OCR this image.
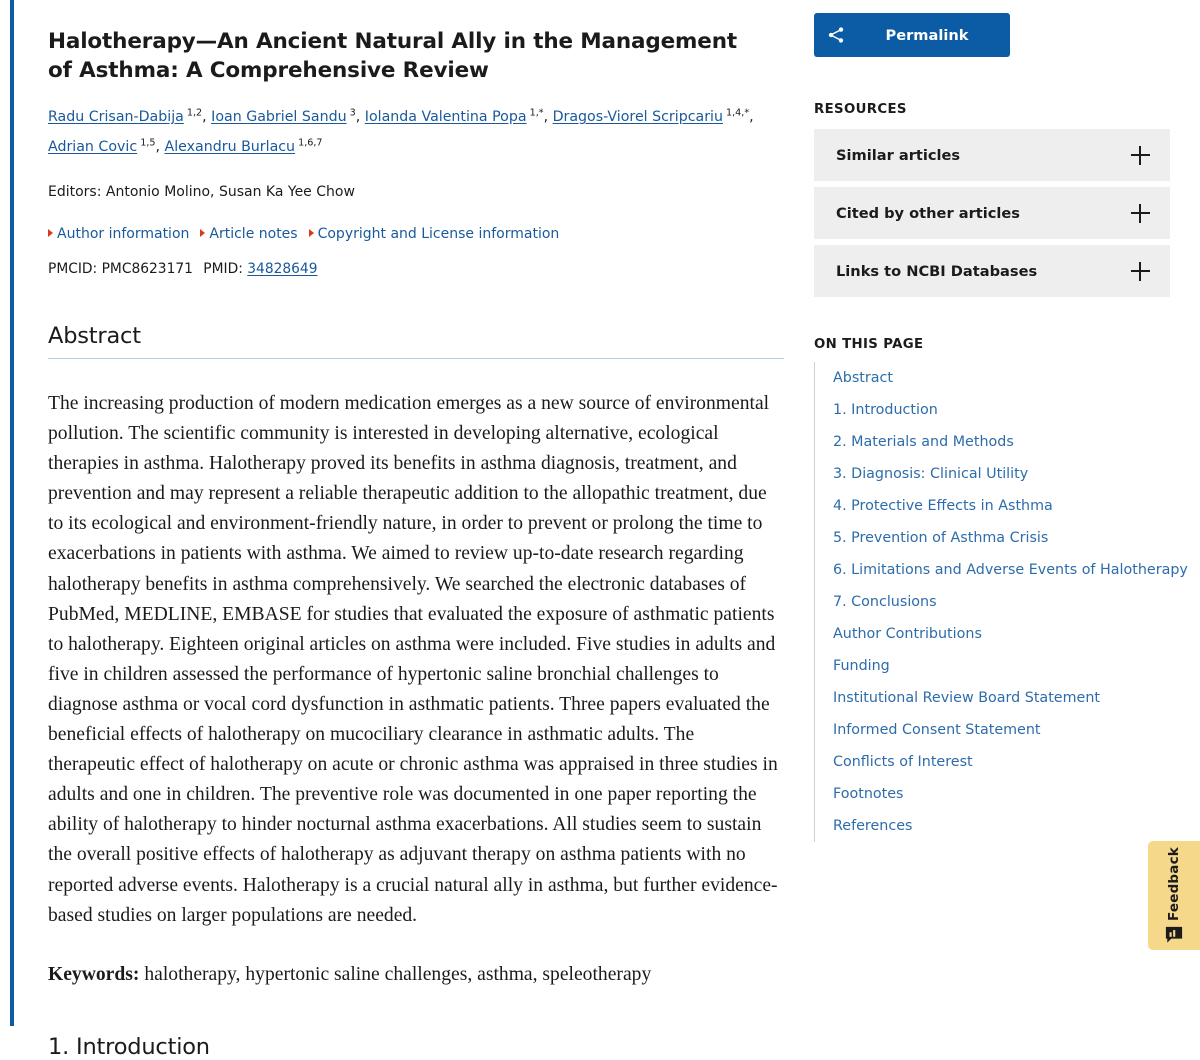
Halotherapy—An Ancient Natural Ally in the Management of Asthma: A Comprehensive Review
Radu Crisan-Dabija $^{1,2}$, Ioan Gabriel Sandu $^3$, Iolanda Valentina Popa $^{1,*}$, Dragos-Viorel Scripcariu $^{1,4,*}$, Adrian Covic $^{1,5}$, Alexandru Burlacu $^{1,6,7}$
Editors: Antonio Molino, Susan Ka Yee Chow
Author information Article notes Copyright and License information
PMCID: PMC8623171 PMID: 34828649
Abstract

The increasing production of modern medication emerges as a new source of environmental pollution. The scientific community is interested in developing alternative, ecological therapies in asthma. Halotherapy proved its benefits in asthma diagnosis, treatment, and prevention and may represent a reliable therapeutic addition to the allopathic treatment, due to its ecological and environment-friendly nature, in order to prevent or prolong the time to exacerbations in patients with asthma. We aimed to review up-to-date research regarding halotherapy benefits in asthma comprehensively. We searched the electronic databases of PubMed, MEDLINE, EMBASE for studies that evaluated the exposure of asthmatic patients to halotherapy. Eighteen original articles on asthma were included. Five studies in adults and five in children assessed the performance of hypertonic saline bronchial challenges to diagnose asthma or vocal cord dysfunction in asthmatic patients. Three papers evaluated the beneficial effects of halotherapy on mucociliary clearance in asthmatic adults. The therapeutic effect of halotherapy on acute or chronic asthma was appraised in three studies in adults and one in children. The preventive role was documented in one paper reporting the ability of halotherapy to hinder nocturnal asthma exacerbations. All studies seem to sustain the overall positive effects of halotherapy as adjuvant therapy on asthma patients with no reported adverse events. Halotherapy is a crucial natural ally in asthma, but further evidence-based studies on larger populations are needed.

Keywords: halotherapy, hypertonic saline challenges, asthma, speleotherapy

1. Introduction
Permalink
RESOURCES
Similar articles
Cited by other articles
Links to NCBI Databases
ON THIS PAGE
Abstract
1. Introduction
2. Materials and Methods
3. Diagnosis: Clinical Utility
4. Protective Effects in Asthma
5. Prevention of Asthma Crisis
6. Limitations and Adverse Events of Halotherapy
7. Conclusions
Author Contributions
Funding
Institutional Review Board Statement
Informed Consent Statement
Conflicts of Interest
Footnotes
References
Feedback
